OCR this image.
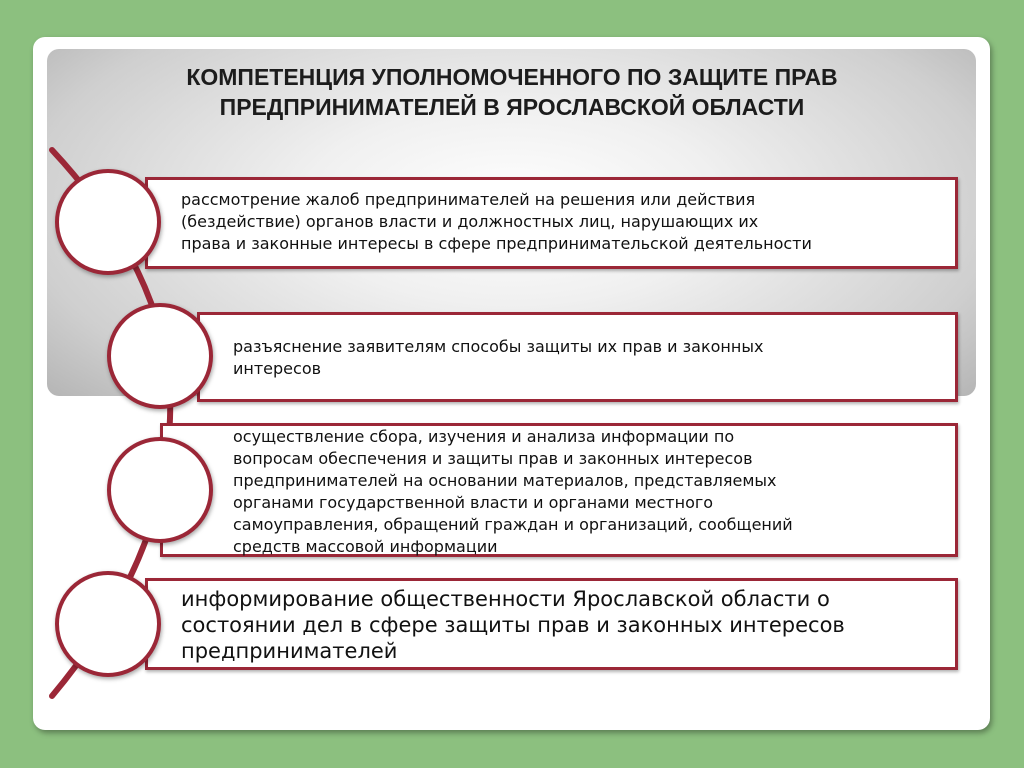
КОМПЕТЕНЦИЯ УПОЛНОМОЧЕННОГО ПО ЗАЩИТЕ ПРАВ
ПРЕДПРИНИМАТЕЛЕЙ В ЯРОСЛАВСКОЙ ОБЛАСТИ

рассмотрение жалоб предпринимателей на решения или действия
(бездействие) органов власти и должностных лиц, нарушающих их
права и законные интересы в сфере предпринимательской деятельности

разъяснение заявителям способы защиты их прав и законных
интересов

осуществление сбора, изучения и анализа информации по
вопросам обеспечения и защиты прав и законных интересов
предпринимателей на основании материалов, представляемых
органами государственной власти и органами местного
самоуправления, обращений граждан и организаций, сообщений
средств массовой информации

информирование общественности Ярославской области о
состоянии дел в сфере защиты прав и законных интересов
предпринимателей
